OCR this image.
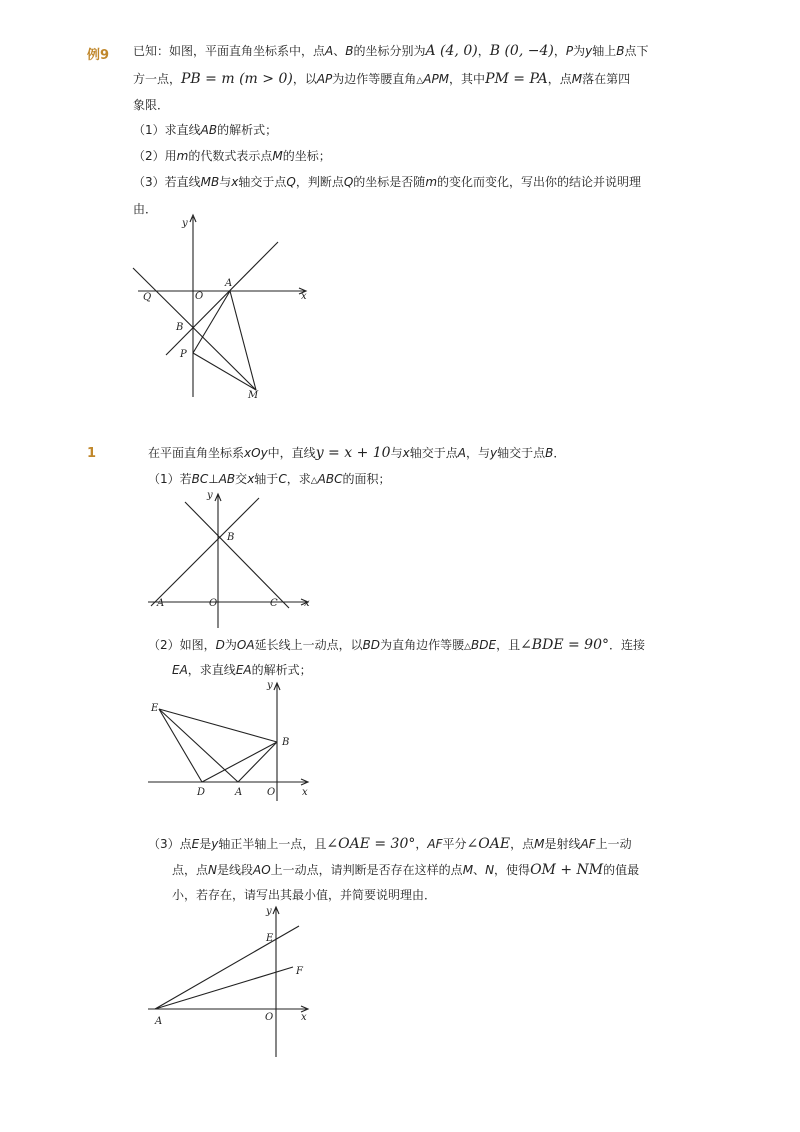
例9 已知：如图，平面直角坐标系中，点A、B的坐标分别为A (4, 0)，B (0, −4)，P为y轴上B点下
方一点，PB = m (m > 0)，以AP为边作等腰直角△APM，其中PM = PA，点M落在第四
象限．
（1）求直线AB的解析式；
（2）用m的代数式表示点M的坐标；
（3）若直线MB与x轴交于点Q，判断点Q的坐标是否随m的变化而变化，写出你的结论并说明理
由．
y
Q	O
A
x
B
P
M
1	在平面直角坐标系xOy中，直线y = x + 10与x轴交于点A，与y轴交于点B．
（1）若BC⊥AB交x轴于C，求△ABC的面积；
y
B
A	O	C	x
（2）如图，D为OA延长线上一动点，以BD为直角边作等腰△BDE，且∠BDE = 90°．连接
EA，求直线EA的解析式；
y
E
B
D	A O	x
（3）点E是y轴正半轴上一点，且∠OAE = 30°，AF平分∠OAE，点M是射线AF上一动
点，点N是线段AO上一动点，请判断是否存在这样的点M、N，使得OM + NM的值最
小，若存在，请写出其最小值，并简要说明理由．
y
E
F
A	O	x
